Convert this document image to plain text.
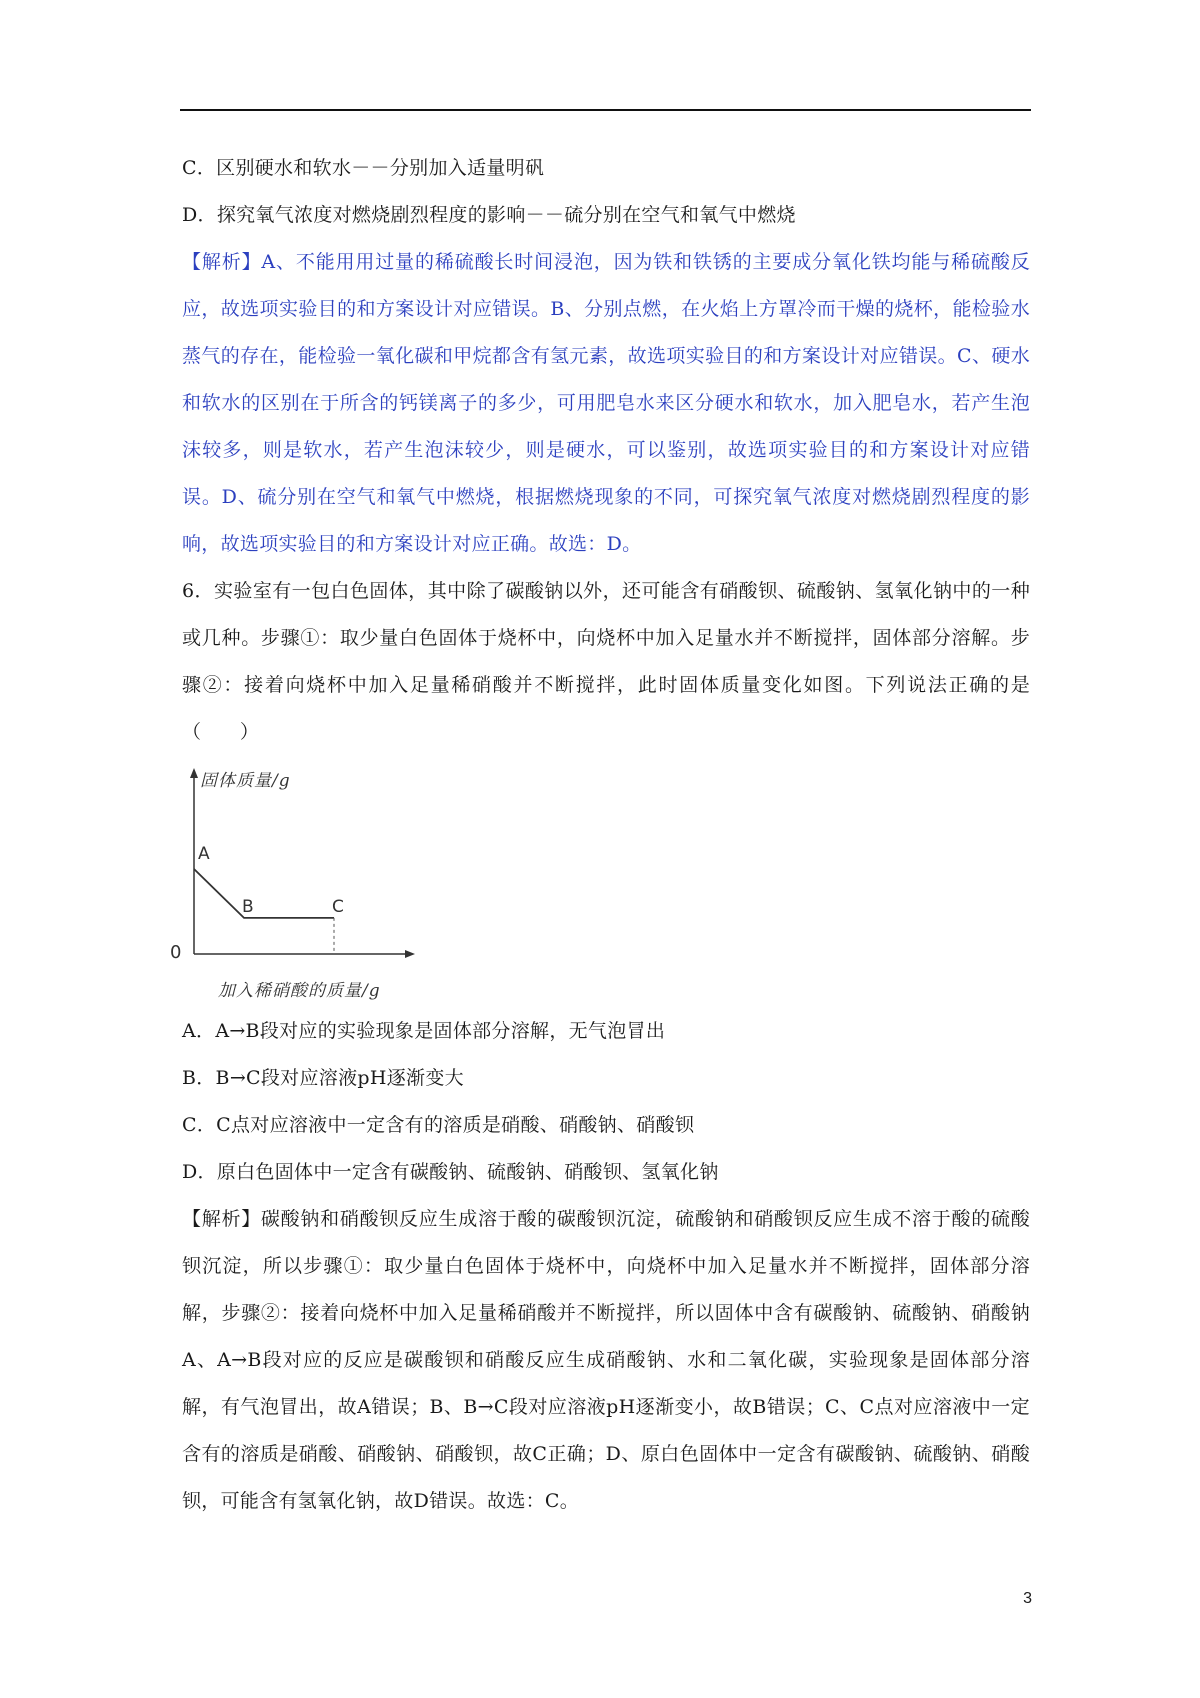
C．区别硬水和软水－－分别加入适量明矾
D．探究氧气浓度对燃烧剧烈程度的影响－－硫分别在空气和氧气中燃烧
【解析】A、不能用用过量的稀硫酸长时间浸泡，因为铁和铁锈的主要成分氧化铁均能与稀硫酸反应，故选项实验目的和方案设计对应错误。B、分别点燃，在火焰上方罩冷而干燥的烧杯，能检验水蒸气的存在，能检验一氧化碳和甲烷都含有氢元素，故选项实验目的和方案设计对应错误。C、硬水和软水的区别在于所含的钙镁离子的多少，可用肥皂水来区分硬水和软水，加入肥皂水，若产生泡沫较多，则是软水，若产生泡沫较少，则是硬水，可以鉴别，故选项实验目的和方案设计对应错误。D、硫分别在空气和氧气中燃烧，根据燃烧现象的不同，可探究氧气浓度对燃烧剧烈程度的影响，故选项实验目的和方案设计对应正确。故选：D。
6．实验室有一包白色固体，其中除了碳酸钠以外，还可能含有硝酸钡、硫酸钠、氢氧化钠中的一种或几种。步骤①：取少量白色固体于烧杯中，向烧杯中加入足量水并不断搅拌，固体部分溶解。步骤②：接着向烧杯中加入足量稀硝酸并不断搅拌，此时固体质量变化如图。下列说法正确的是（　　）
A
B	C
固体质量/g
加入稀硝酸的质量/g
0
A．A→B段对应的实验现象是固体部分溶解，无气泡冒出
B．B→C段对应溶液pH逐渐变大
C．C点对应溶液中一定含有的溶质是硝酸、硝酸钠、硝酸钡
D．原白色固体中一定含有碳酸钠、硫酸钠、硝酸钡、氢氧化钠
【解析】碳酸钠和硝酸钡反应生成溶于酸的碳酸钡沉淀，硫酸钠和硝酸钡反应生成不溶于酸的硫酸钡沉淀，所以步骤①：取少量白色固体于烧杯中，向烧杯中加入足量水并不断搅拌，固体部分溶解，步骤②：接着向烧杯中加入足量稀硝酸并不断搅拌，所以固体中含有碳酸钠、硫酸钠、硝酸钠A、A→B段对应的反应是碳酸钡和硝酸反应生成硝酸钠、水和二氧化碳，实验现象是固体部分溶解，有气泡冒出，故A错误；B、B→C段对应溶液pH逐渐变小，故B错误；C、C点对应溶液中一定含有的溶质是硝酸、硝酸钠、硝酸钡，故C正确；D、原白色固体中一定含有碳酸钠、硫酸钠、硝酸钡，可能含有氢氧化钠，故D错误。故选：C。
3
